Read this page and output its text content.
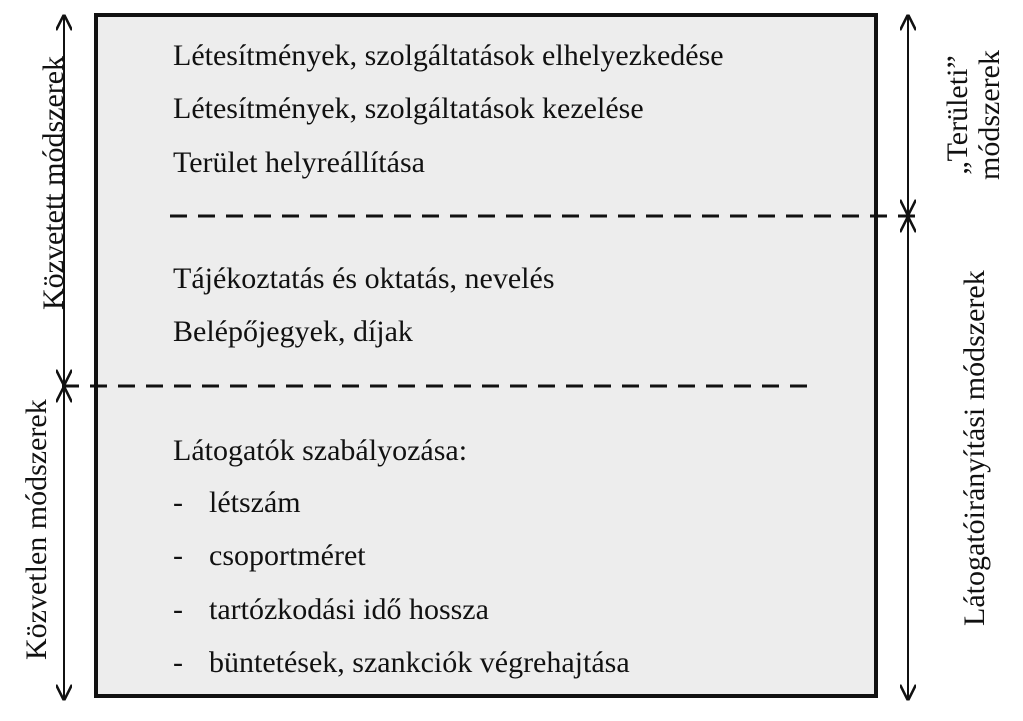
Létesítmények, szolgáltatások elhelyezkedése
Létesítmények, szolgáltatások kezelése
Terület helyreállítása
Tájékoztatás és oktatás, nevelés
Belépőjegyek, díjak
Látogatók szabályozása:
- létszám
- csoportméret
- tartózkodási idő hossza
- büntetések, szankciók végrehajtása
Közvetett módszerek
Közvetlen módszerek
„Területi” módszerek
Látogatóirányítási módszerek
